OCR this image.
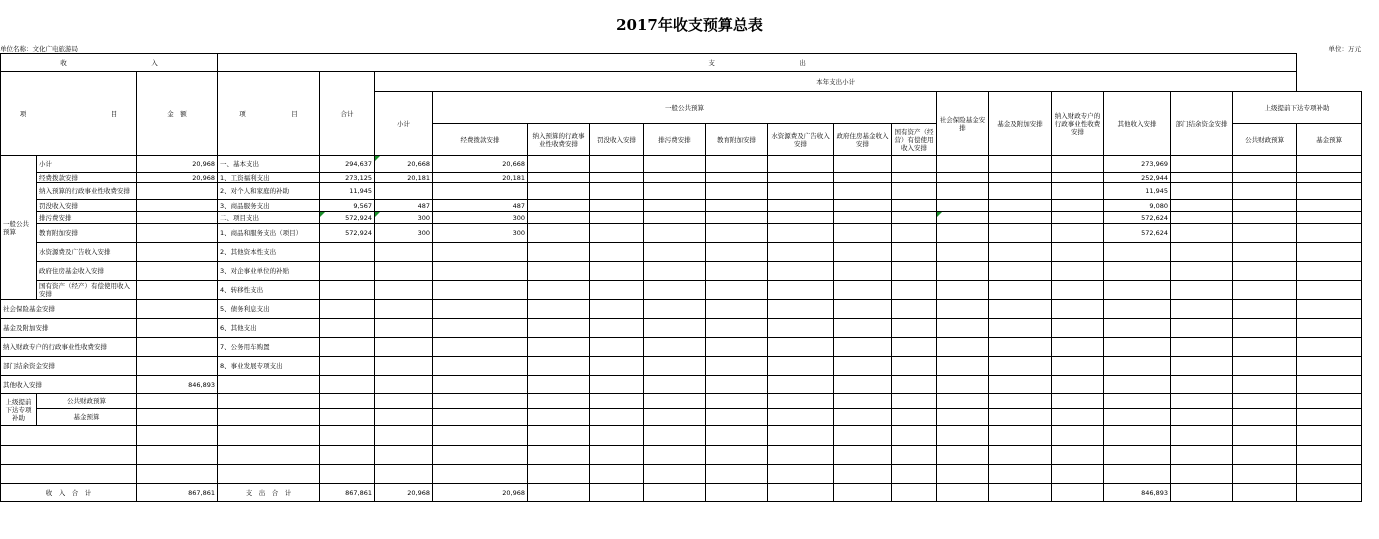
2017年收支预算总表
单位名称：文化广电旅游局	单位：万元
收　　　　　　　　　　　　　入			支　　　　　　　　　　　　　出																	
项　　　　　　　　　　　　　目		金　额	项　　　　　　　目	合计	本年支出小计															
					小计	一般公共预算								社会保险基金安排	基金及附加安排	纳入财政专户的行政事业性收费安排	其他收入安排	部门结余资金安排	上级提前下达专项补助	
						经费拨款安排	纳入预算的行政事业性收费安排	罚没收入安排	排污费安排	教育附加安排	水资源费及广告收入安排	政府住房基金收入安排	国有资产（经营）有偿使用收入安排						公共财政预算	基金预算
一般公共预算	小计	20,968	一、基本支出	294,637	20,668	20,668											273,969			
	经费拨款安排	20,968	1、工资福利支出	273,125	20,181	20,181											252,944			
	纳入预算的行政事业性收费安排		2、对个人和家庭的补助	11,945													11,945			
	罚没收入安排		3、商品服务支出	9,567	487	487											9,080			
	排污费安排		二、项目支出	572,924	300	300											572,624			
	教育附加安排		1、商品和服务支出（项目）	572,924	300	300											572,624			
	水资源费及广告收入安排		2、其他资本性支出																	
	政府住房基金收入安排		3、对企事业单位的补贴																	
	国有资产（经产）有偿使用收入安排		4、转移性支出																	
社会保险基金安排			5、债务利息支出																	
基金及附加安排			6、其他支出																	
纳入财政专户的行政事业性收费安排			7、公务用车购置																	
部门结余资金安排			8、事业发展专项支出																	
其他收入安排		846,893																		
上级提前下达专项补助	公共财政预算																			
	基金预算																			

收　入　合　计		867,861	支　出　合　计	867,861	20,968	20,968											846,893			
